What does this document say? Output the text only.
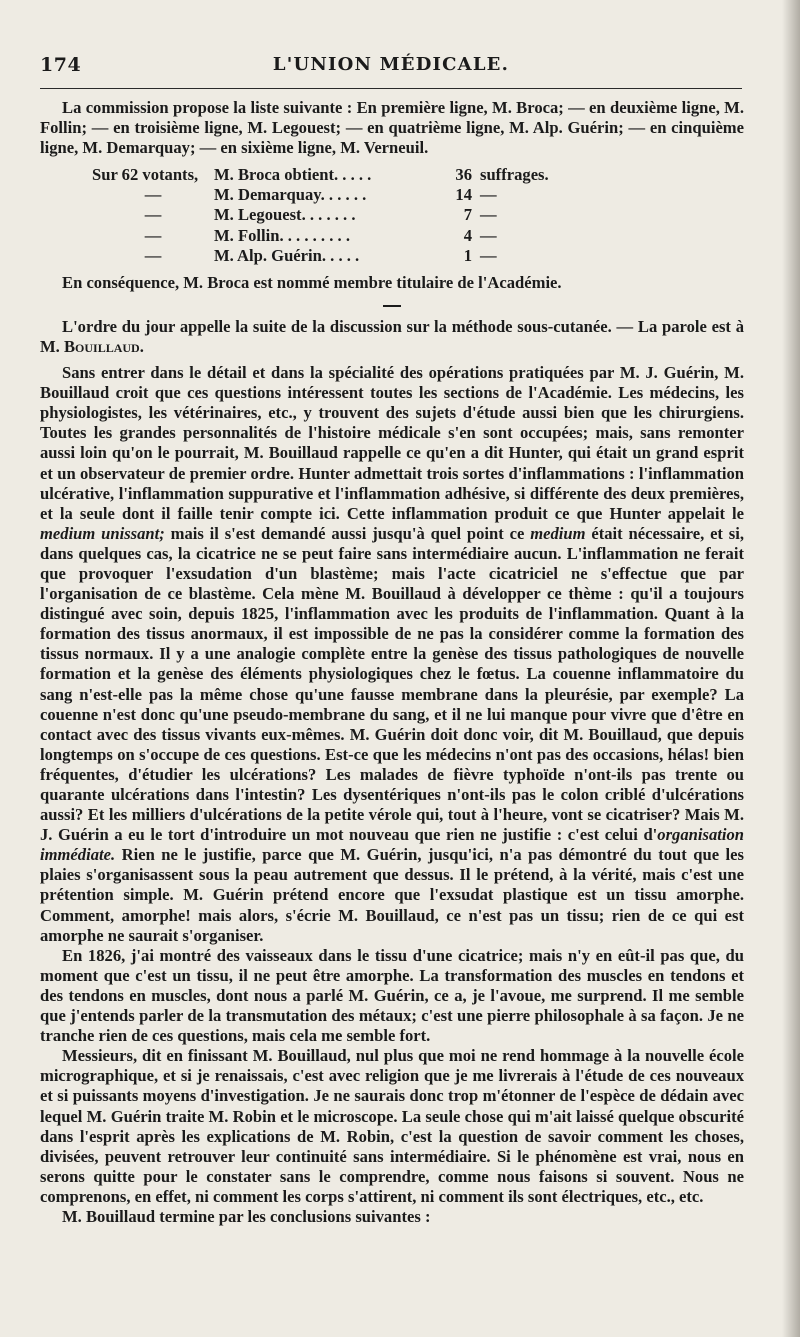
174	L'UNION MÉDICALE.

La commission propose la liste suivante : En première ligne, M. Broca; — en deuxième ligne, M. Follin; — en troisième ligne, M. Legouest; — en quatrième ligne, M. Alp. Guérin; — en cinquième ligne, M. Demarquay; — en sixième ligne, M. Verneuil.

Sur 62 votants,	M. Broca obtient. . . . .	36	suffrages.
—	M. Demarquay. . . . . .	14	—
—	M. Legouest. . . . . . .	7	—
—	M. Follin. . . . . . . . .	4	—
—	M. Alp. Guérin. . . . .	1	—

En conséquence, M. Broca est nommé membre titulaire de l'Académie.

L'ordre du jour appelle la suite de la discussion sur la méthode sous-cutanée. — La parole est à M. Bouillaud.

Sans entrer dans le détail et dans la spécialité des opérations pratiquées par M. J. Guérin, M. Bouillaud croit que ces questions intéressent toutes les sections de l'Académie. Les médecins, les physiologistes, les vétérinaires, etc., y trouvent des sujets d'étude aussi bien que les chirurgiens. Toutes les grandes personnalités de l'histoire médicale s'en sont occupées; mais, sans remonter aussi loin qu'on le pourrait, M. Bouillaud rappelle ce qu'en a dit Hunter, qui était un grand esprit et un observateur de premier ordre. Hunter admettait trois sortes d'inflammations : l'inflammation ulcérative, l'inflammation suppurative et l'inflammation adhésive, si différente des deux premières, et la seule dont il faille tenir compte ici. Cette inflammation produit ce que Hunter appelait le medium unissant; mais il s'est demandé aussi jusqu'à quel point ce medium était nécessaire, et si, dans quelques cas, la cicatrice ne se peut faire sans intermédiaire aucun. L'inflammation ne ferait que provoquer l'exsudation d'un blastème; mais l'acte cicatriciel ne s'effectue que par l'organisation de ce blastème. Cela mène M. Bouillaud à développer ce thème : qu'il a toujours distingué avec soin, depuis 1825, l'inflammation avec les produits de l'inflammation. Quant à la formation des tissus anormaux, il est impossible de ne pas la considérer comme la formation des tissus normaux. Il y a une analogie complète entre la genèse des tissus pathologiques de nouvelle formation et la genèse des éléments physiologiques chez le fœtus. La couenne inflammatoire du sang n'est-elle pas la même chose qu'une fausse membrane dans la pleurésie, par exemple? La couenne n'est donc qu'une pseudo-membrane du sang, et il ne lui manque pour vivre que d'être en contact avec des tissus vivants eux-mêmes. M. Guérin doit donc voir, dit M. Bouillaud, que depuis longtemps on s'occupe de ces questions. Est-ce que les médecins n'ont pas des occasions, hélas! bien fréquentes, d'étudier les ulcérations? Les malades de fièvre typhoïde n'ont-ils pas trente ou quarante ulcérations dans l'intestin? Les dysentériques n'ont-ils pas le colon criblé d'ulcérations aussi? Et les milliers d'ulcérations de la petite vérole qui, tout à l'heure, vont se cicatriser? Mais M. J. Guérin a eu le tort d'introduire un mot nouveau que rien ne justifie : c'est celui d'organisation immédiate. Rien ne le justifie, parce que M. Guérin, jusqu'ici, n'a pas démontré du tout que les plaies s'organisassent sous la peau autrement que dessus. Il le prétend, à la vérité, mais c'est une prétention simple. M. Guérin prétend encore que l'exsudat plastique est un tissu amorphe. Comment, amorphe! mais alors, s'écrie M. Bouillaud, ce n'est pas un tissu; rien de ce qui est amorphe ne saurait s'organiser.

En 1826, j'ai montré des vaisseaux dans le tissu d'une cicatrice; mais n'y en eût-il pas que, du moment que c'est un tissu, il ne peut être amorphe. La transformation des muscles en tendons et des tendons en muscles, dont nous a parlé M. Guérin, ce a, je l'avoue, me surprend. Il me semble que j'entends parler de la transmutation des métaux; c'est une pierre philosophale à sa façon. Je ne tranche rien de ces questions, mais cela me semble fort.

Messieurs, dit en finissant M. Bouillaud, nul plus que moi ne rend hommage à la nouvelle école micrographique, et si je renaissais, c'est avec religion que je me livrerais à l'étude de ces nouveaux et si puissants moyens d'investigation. Je ne saurais donc trop m'étonner de l'espèce de dédain avec lequel M. Guérin traite M. Robin et le microscope. La seule chose qui m'ait laissé quelque obscurité dans l'esprit après les explications de M. Robin, c'est la question de savoir comment les choses, divisées, peuvent retrouver leur continuité sans intermédiaire. Si le phénomène est vrai, nous en serons quitte pour le constater sans le comprendre, comme nous faisons si souvent. Nous ne comprenons, en effet, ni comment les corps s'attirent, ni comment ils sont électriques, etc., etc.

M. Bouillaud termine par les conclusions suivantes :
